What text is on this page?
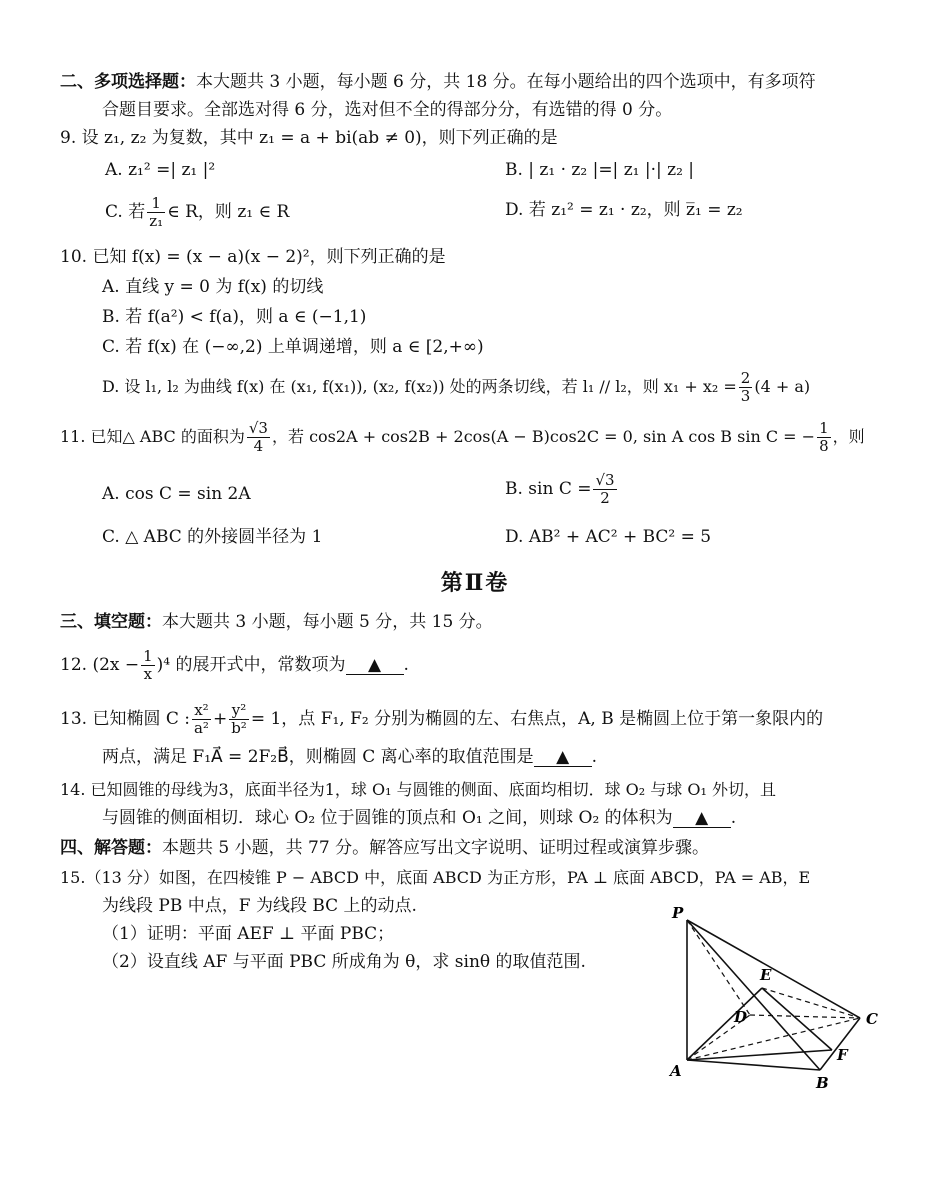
二、多项选择题：本大题共 3 小题，每小题 6 分，共 18 分。在每小题给出的四个选项中，有多项符
合题目要求。全部选对得 6 分，选对但不全的得部分分，有选错的得 0 分。
9. 设 z₁, z₂ 为复数，其中 z₁ = a + bi(ab ≠ 0)，则下列正确的是
A. z₁² =| z₁ |²	B. | z₁ · z₂ |=| z₁ |·| z₂ |
C. 若 $\frac{1}{\text{z₁}}$ ∈ R，则 z₁ ∈ R	D. 若 z₁² = z₁ · z₂，则 z̅₁ = z₂
10. 已知 f(x) = (x − a)(x − 2)²，则下列正确的是
A. 直线 y = 0 为 f(x) 的切线
B. 若 f(a²) < f(a)，则 a ∈ (−1,1)
C. 若 f(x) 在 (−∞,2) 上单调递增，则 a ∈ [2,+∞)
D. 设 l₁, l₂ 为曲线 f(x) 在 (x₁, f(x₁)), (x₂, f(x₂)) 处的两条切线，若 l₁ // l₂，则 $x_1 + x_2 = \frac{2}{3} (4 + a)$
11. 已知△ ABC 的面积为 $\frac{√3}{4}$ ，若 cos2A + cos2B + 2cos(A − B)cos2C = 0, sin A cos B sin C = − $\frac{1}{8}$ ，则
A. cos C = sin 2A	B. $\sin C = \frac{√3}{2}$
C. △ ABC 的外接圆半径为 1	D. AB² + AC² + BC² = 5
第Ⅱ卷
三、填空题：本大题共 3 小题，每小题 5 分，共 15 分。
12. $(2x - \frac{1}{x} )^4$ 的展开式中，常数项为 ▲ .
13. 已知椭圆 C : $\frac{\text{x²}}{\text{a²}} + \frac{\text{y²}}{\text{b²}} = 1$，点 F₁, F₂ 分别为椭圆的左、右焦点，A, B 是椭圆上位于第一象限内的
两点，满足 F₁A⃗ = 2F₂B⃗，则椭圆 C 离心率的取值范围是 ▲ .
14. 已知圆锥的母线为3，底面半径为1，球 O₁ 与圆锥的侧面、底面均相切．球 O₂ 与球 O₁ 外切，且
与圆锥的侧面相切．球心 O₂ 位于圆锥的顶点和 O₁ 之间，则球 O₂ 的体积为 ▲ .
四、解答题：本题共 5 小题，共 77 分。解答应写出文字说明、证明过程或演算步骤。
15.（13 分）如图，在四棱锥 P − ABCD 中，底面 ABCD 为正方形，PA ⊥ 底面 ABCD，PA = AB，E
为线段 PB 中点，F 为线段 BC 上的动点.
（1）证明：平面 AEF ⊥ 平面 PBC；
（2）设直线 AF 与平面 PBC 所成角为 θ，求 sinθ 的取值范围.
P
A
B
C
D
E
F
